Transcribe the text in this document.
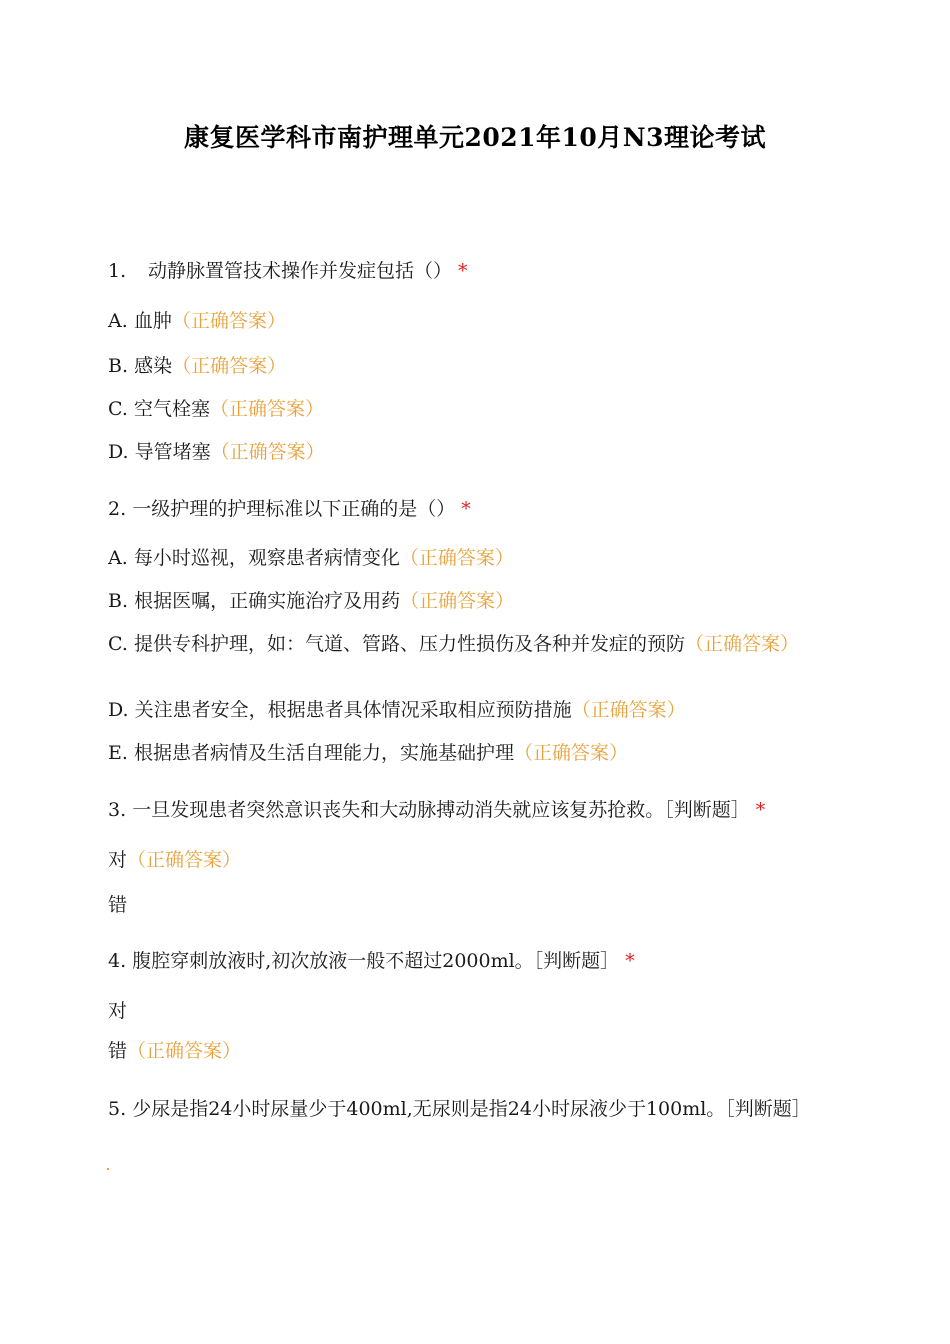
康复医学科市南护理单元2021年10月N3理论考试
1. 动静脉置管技术操作并发症包括（） *
A. 血肿（正确答案）
B. 感染（正确答案）
C. 空气栓塞（正确答案）
D. 导管堵塞（正确答案）
2. 一级护理的护理标准以下正确的是（） *
A. 每小时巡视，观察患者病情变化（正确答案）
B. 根据医嘱，正确实施治疗及用药（正确答案）
C. 提供专科护理，如：气道、管路、压力性损伤及各种并发症的预防（正确答案）
D. 关注患者安全，根据患者具体情况采取相应预防措施（正确答案）
E. 根据患者病情及生活自理能力，实施基础护理（正确答案）
3. 一旦发现患者突然意识丧失和大动脉搏动消失就应该复苏抢救。［判断题］ *
对（正确答案）
错
4. 腹腔穿刺放液时,初次放液一般不超过2000ml。［判断题］ *
对
错（正确答案）
5. 少尿是指24小时尿量少于400ml,无尿则是指24小时尿液少于100ml。［判断题］
